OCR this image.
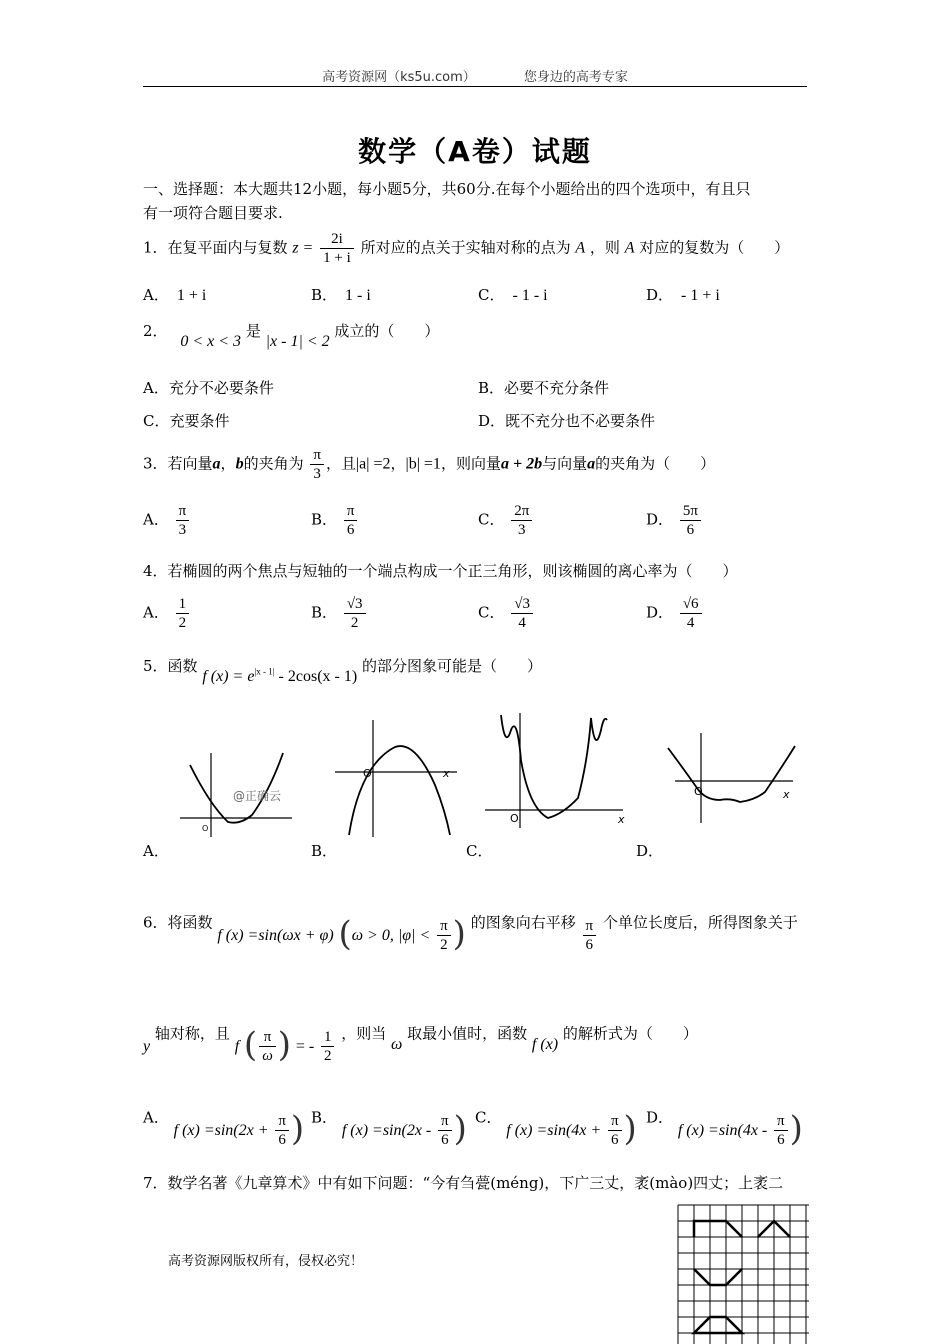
高考资源网（ks5u.com）	您身边的高考专家
数学（A卷）试题
一、选择题：本大题共12小题，每小题5分，共60分.在每个小题给出的四个选项中，有且只
有一项符合题目要求.
1．在复平面内与复数 $z = \frac{2i}{1 + i}$ 所对应的点关于实轴对称的点为 A ，则 A 对应的复数为（　　）
A． 1 + i	B． 1 - i	C． - 1 - i	D． - 1 + i
2． 0 < x < 3 是 |x - 1| < 2 成立的（　　）
A．充分不必要条件	B．必要不充分条件
C．充要条件	D．既不充分也不必要条件
3．若向量a，b的夹角为 $\frac{\pi}{3}$ ，且|a| =2，|b| =1，则向量a + 2b与向量a的夹角为（　　）
A． $\frac{\pi}{3}$	B． $\frac{\pi}{6}$	C． $\frac{2\pi}{3}$	D． $\frac{5\pi}{6}$
4．若椭圆的两个焦点与短轴的一个端点构成一个正三角形，则该椭圆的离心率为（　　）
A． $\frac{1}{2}$	B． $\frac{√3}{2}$	C． $\frac{√3}{4}$	D． $\frac{√6}{4}$
5．函数 f $(x) = e^{|x - 1|} - 2\cos(x - 1)$ 的部分图象可能是（　　）
O
@正确云
O	x
O	x
O	x
A．	B．	C．	D．
6．将函数 f (x) =sin(ωx + φ) (ω > 0, $|\varphi| < \frac{\pi}{2}$ ) 的图象向右平移 $\frac{\pi}{6}$ 个单位长度后，所得图象关于
y 轴对称，且 f ( $\frac{\pi}{\omega}$ ) = - $\frac{1}{2}$ ，则当 ω 取最小值时，函数 f (x) 的解析式为（　　）
A． f $(x) =\sin(2x + \frac{\pi}{6}$ ) B． f $(x) =\sin(2x - \frac{\pi}{6}$ ) C． f $(x) =\sin(4x + \frac{\pi}{6}$ ) D． f $(x) =\sin(4x - \frac{\pi}{6}$ )
7．数学名著《九章算术》中有如下问题：“今有刍甍(méng)，下广三丈，袤(mào)四丈；上袤二
高考资源网版权所有，侵权必究！
